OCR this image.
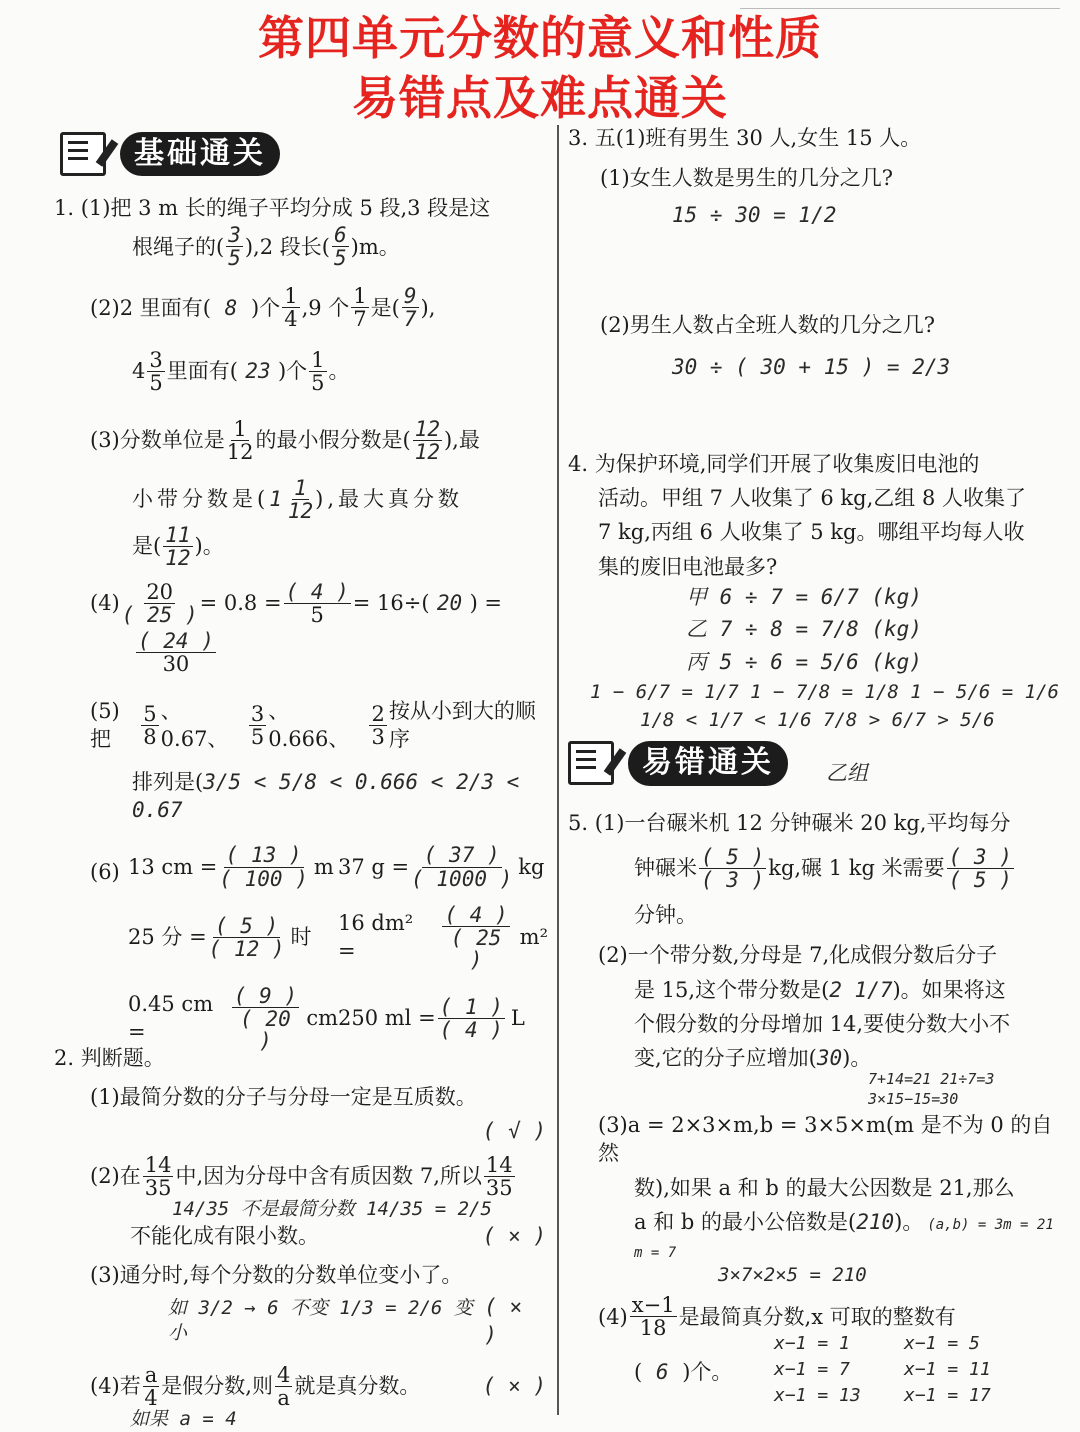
第四单元分数的意义和性质
易错点及难点通关
基础通关

1. (1)把 3 m 长的绳子平均分成 5 段,3 段是这

根绳子的( 3
5 ),2 段长( 6
5 )m。

(2)2 里面有( 8 )个 1
4 ,9 个 1
7 是( 9
7 ),

4 3
5 里面有( 23 )个 1
5 。

(3)分数单位是 1
12 的最小假分数是( 12
12 ),最

小带分数是( 1 1
12 ),最大真分数

是( 11
12 )。

$(4) \frac{20}{( 25 )} = 0.8 = \frac{( 4 )}{5} = 16\div$( 20 ) =

( 24 )
30

(5)把
5
8
、0.67、
3
5
、0.666、
2
3
按从小到大的顺序

排列是(3/5 < 5/8 < 0.666 < 2/3 < 0.67

(6) 13 cm = $\frac{( 13 )}{( 100 )}$ m 37 $g = \frac{( 37 )}{( 1000 )}$ kg
25 分 = $\frac{( 5 )}{( 12 )}$ 时
16 dm² =	$\frac{( 4 )}{( 25 )} m^2$
0.45 cm =	$\frac{( 9 )}{( 20 )}$ cm 250 ml = $\frac{( 1 )}{( 4 )}$ L

2. 判断题。

(1)最简分数的分子与分母一定是互质数。

( √ )

(2)在 14
35 中,因为分母中含有质因数 7,所以 14
35

14/35 不是最简分数 14/35 = 2/5

不能化成有限小数。	( × )

(3)通分时,每个分数的分数单位变小了。

如 3/2 → 6 不变 1/3 = 2/6 变小
( × )

(4)若 a
4 是假分数,则 4
a 就是真分数。	( × )

如果 a = 4

3. 五(1)班有男生 30 人,女生 15 人。

(1)女生人数是男生的几分之几?

15 ÷ 30 = 1/2

(2)男生人数占全班人数的几分之几?

30 ÷ ( 30 + 15 ) = 2/3

4. 为保护环境,同学们开展了收集废旧电池的

活动。甲组 7 人收集了 6 kg,乙组 8 人收集了

7 kg,丙组 6 人收集了 5 kg。哪组平均每人收

集的废旧电池最多?

甲 6 ÷ 7 = 6/7 (kg)

乙 7 ÷ 8 = 7/8 (kg)

丙 5 ÷ 6 = 5/6 (kg)

1 − 6/7 = 1/7 1 − 7/8 = 1/8 1 − 5/6 = 1/6

1/8 < 1/7 < 1/6 7/8 > 6/7 > 5/6

易错通关	乙组

5. (1)一台碾米机 12 分钟碾米 20 kg,平均每分

钟碾米 ( 5 )
( 3 ) kg,碾 1 kg 米需要 ( 3 )
( 5 )

分钟。

(2)一个带分数,分母是 7,化成假分数后分子

是 15,这个带分数是(2 1/7)。如果将这

个假分数的分母增加 14,要使分数大小不

变,它的分子应增加(30)。

7+14=21 21÷7=3 3×15−15=30

(3)a = 2×3×m,b = 3×5×m(m 是不为 0 的自然

数),如果 a 和 b 的最大公因数是 21,那么

a 和 b 的最小公倍数是(210)。 (a,b) = 3m = 21 m = 7

3×7×2×5 = 210

(4) x−1
18 是最简真分数,x 可取的整数有

( 6 )个。

x−1 = 1	x−1 = 5
x−1 = 7	x−1 = 11
x−1 = 13	x−1 = 17
